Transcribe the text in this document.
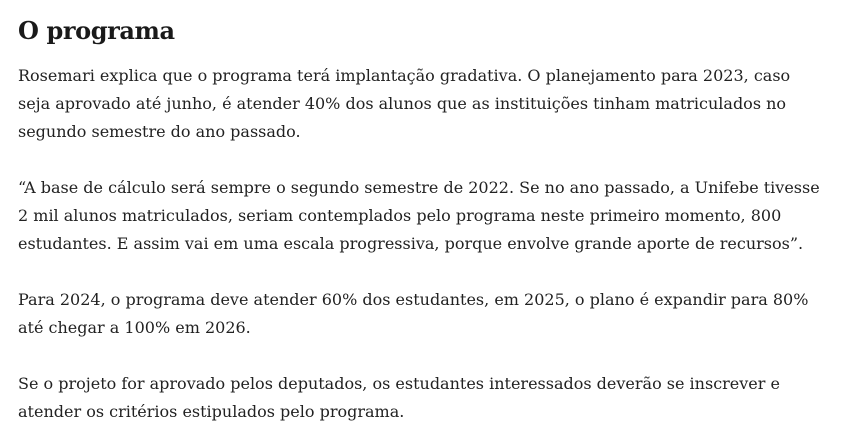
O programa

Rosemari explica que o programa terá implantação gradativa. O planejamento para 2023, caso seja aprovado até junho, é atender 40% dos alunos que as instituições tinham matriculados no segundo semestre do ano passado.

“A base de cálculo será sempre o segundo semestre de 2022. Se no ano passado, a Unifebe tivesse 2 mil alunos matriculados, seriam contemplados pelo programa neste primeiro momento, 800 estudantes. E assim vai em uma escala progressiva, porque envolve grande aporte de recursos”.

Para 2024, o programa deve atender 60% dos estudantes, em 2025, o plano é expandir para 80% até chegar a 100% em 2026.

Se o projeto for aprovado pelos deputados, os estudantes interessados deverão se inscrever e atender os critérios estipulados pelo programa.
